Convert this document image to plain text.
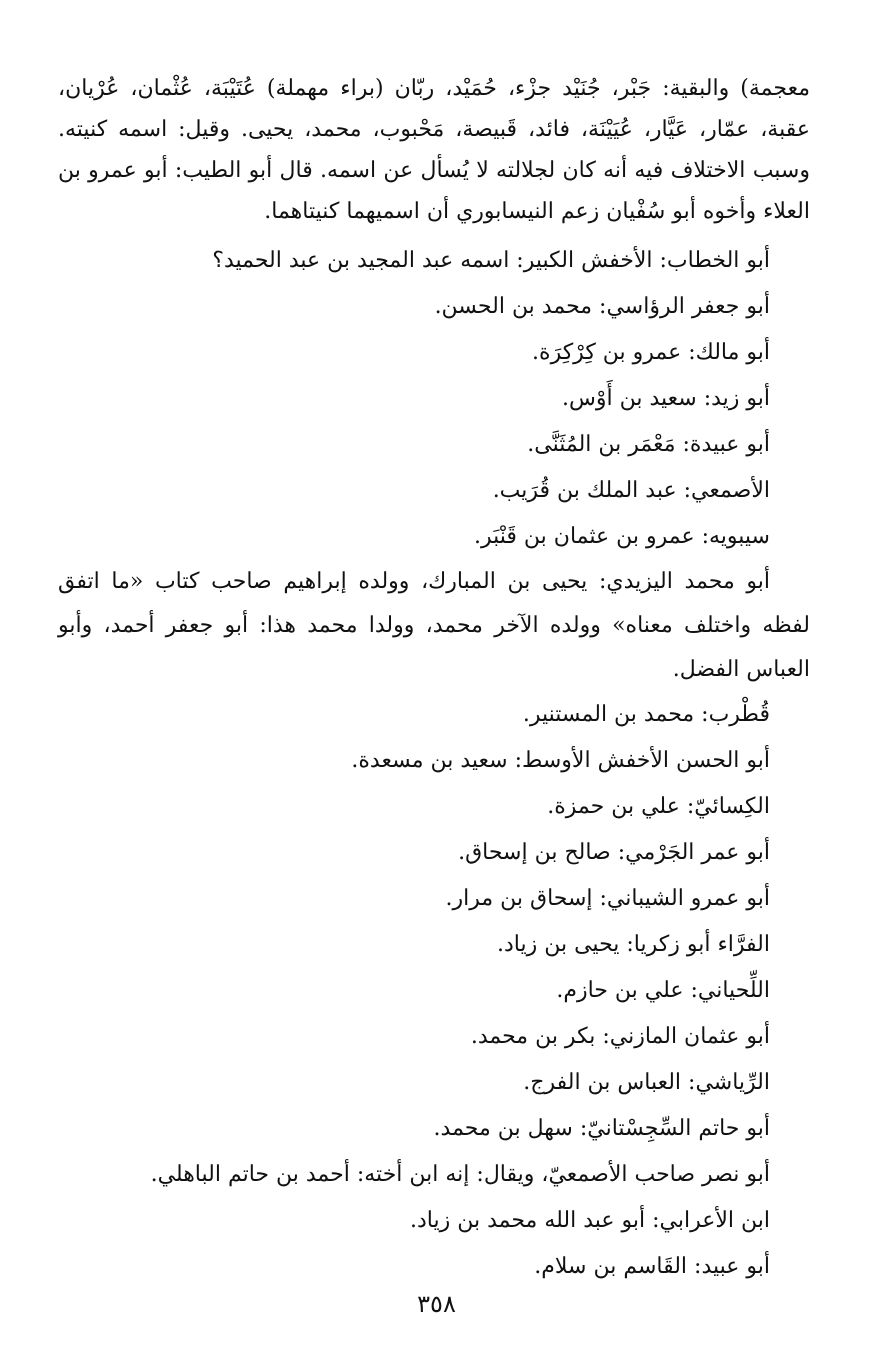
معجمة) والبقية: جَبْر، جُنَيْد جزْء، حُمَيْد، ربّان (براء مهملة) عُتَيْبَة، عُثْمان، عُرْيان، عقبة، عمّار، عَيَّار، عُيَيْنَة، فائد، قَبيصة، مَحْبوب، محمد، يحيى. وقيل: اسمه كنيته. وسبب الاختلاف فيه أنه كان لجلالته لا يُسأل عن اسمه. قال أبو الطيب: أبو عمرو بن العلاء وأخوه أبو سُفْيان زعم النيسابوري أن اسميهما كنيتاهما.

أبو الخطاب: الأخفش الكبير: اسمه عبد المجيد بن عبد الحميد؟

أبو جعفر الرؤاسي: محمد بن الحسن.

أبو مالك: عمرو بن كِرْكِرَة.

أبو زيد: سعيد بن أَوْس.

أبو عبيدة: مَعْمَر بن المُثَنَّى.

الأصمعي: عبد الملك بن قُرَيب.

سيبويه: عمرو بن عثمان بن قَنْبَر.

أبو محمد اليزيدي: يحيى بن المبارك، وولده إبراهيم صاحب كتاب «ما اتفق لفظه واختلف معناه» وولده الآخر محمد، وولدا محمد هذا: أبو جعفر أحمد، وأبو العباس الفضل.

قُطْرب: محمد بن المستنير.

أبو الحسن الأخفش الأوسط: سعيد بن مسعدة.

الكِسائيّ: علي بن حمزة.

أبو عمر الجَرْمي: صالح بن إسحاق.

أبو عمرو الشيباني: إسحاق بن مرار.

الفرَّاء أبو زكريا: يحيى بن زياد.

اللِّحياني: علي بن حازم.

أبو عثمان المازني: بكر بن محمد.

الرِّياشي: العباس بن الفرج.

أبو حاتم السِّجِسْتانيّ: سهل بن محمد.

أبو نصر صاحب الأصمعيّ، ويقال: إنه ابن أخته: أحمد بن حاتم الباهلي.

ابن الأعرابي: أبو عبد الله محمد بن زياد.

أبو عبيد: القَاسم بن سلام.

٣٥٨
